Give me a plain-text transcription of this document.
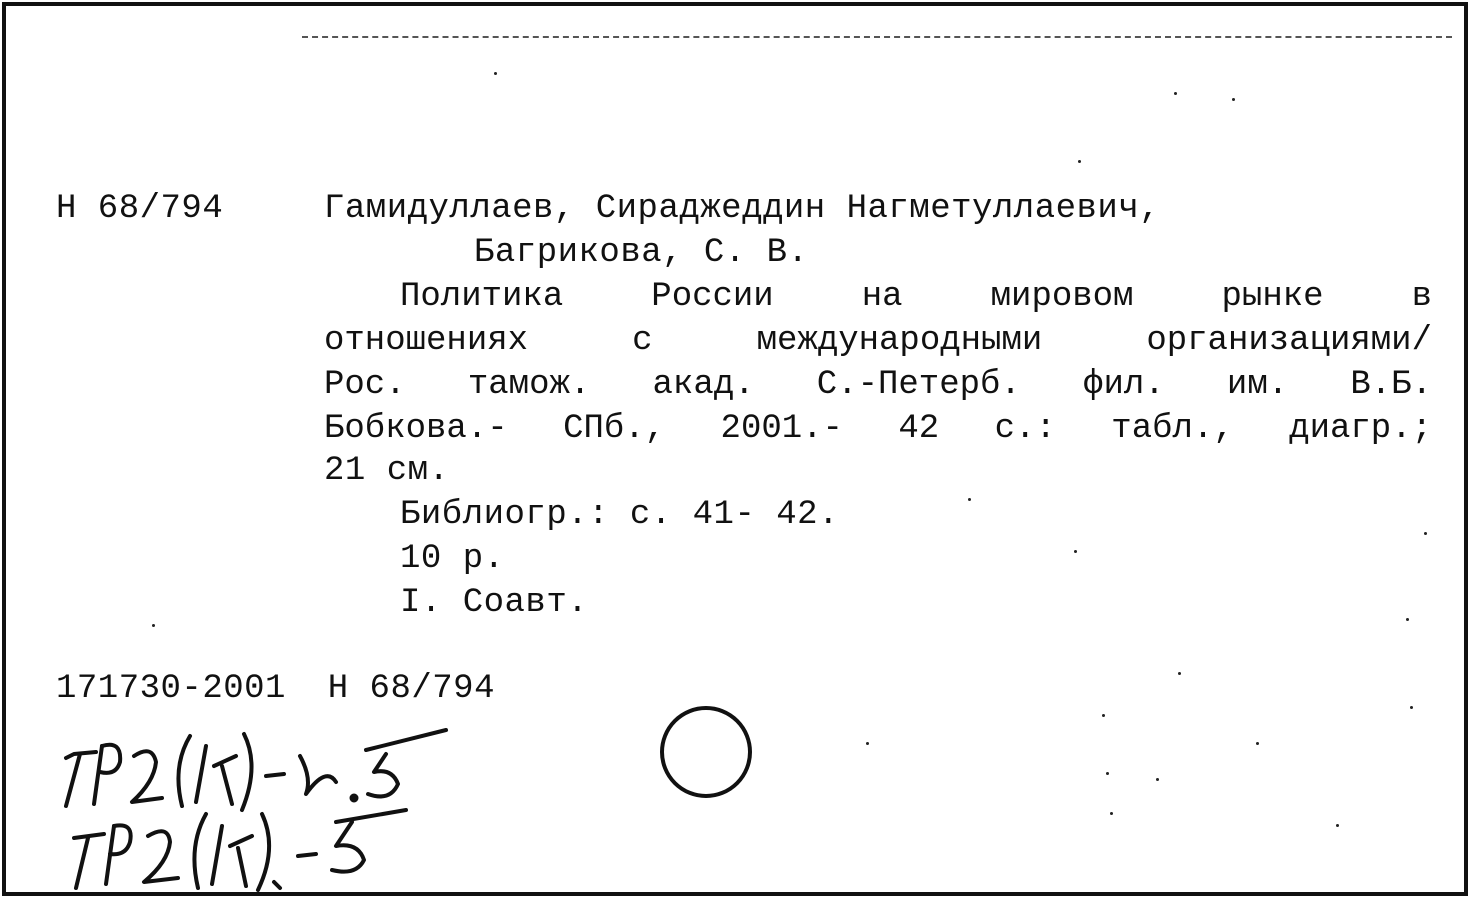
Н 68/794	Гамидуллаев, Сираджеддин Нагметуллаевич,
Багрикова, С. В.
Политика России на мировом рынке в
отношениях с международными организациями/
Рос. тамож. акад. С.-Петерб. фил. им. В.Б.
Бобкова.- СПб., 2001.- 42 с.: табл., диагр.;
21 см.
Библиогр.: с. 41- 42.
10 р.
I. Соавт.
171730-2001  Н 68/794
